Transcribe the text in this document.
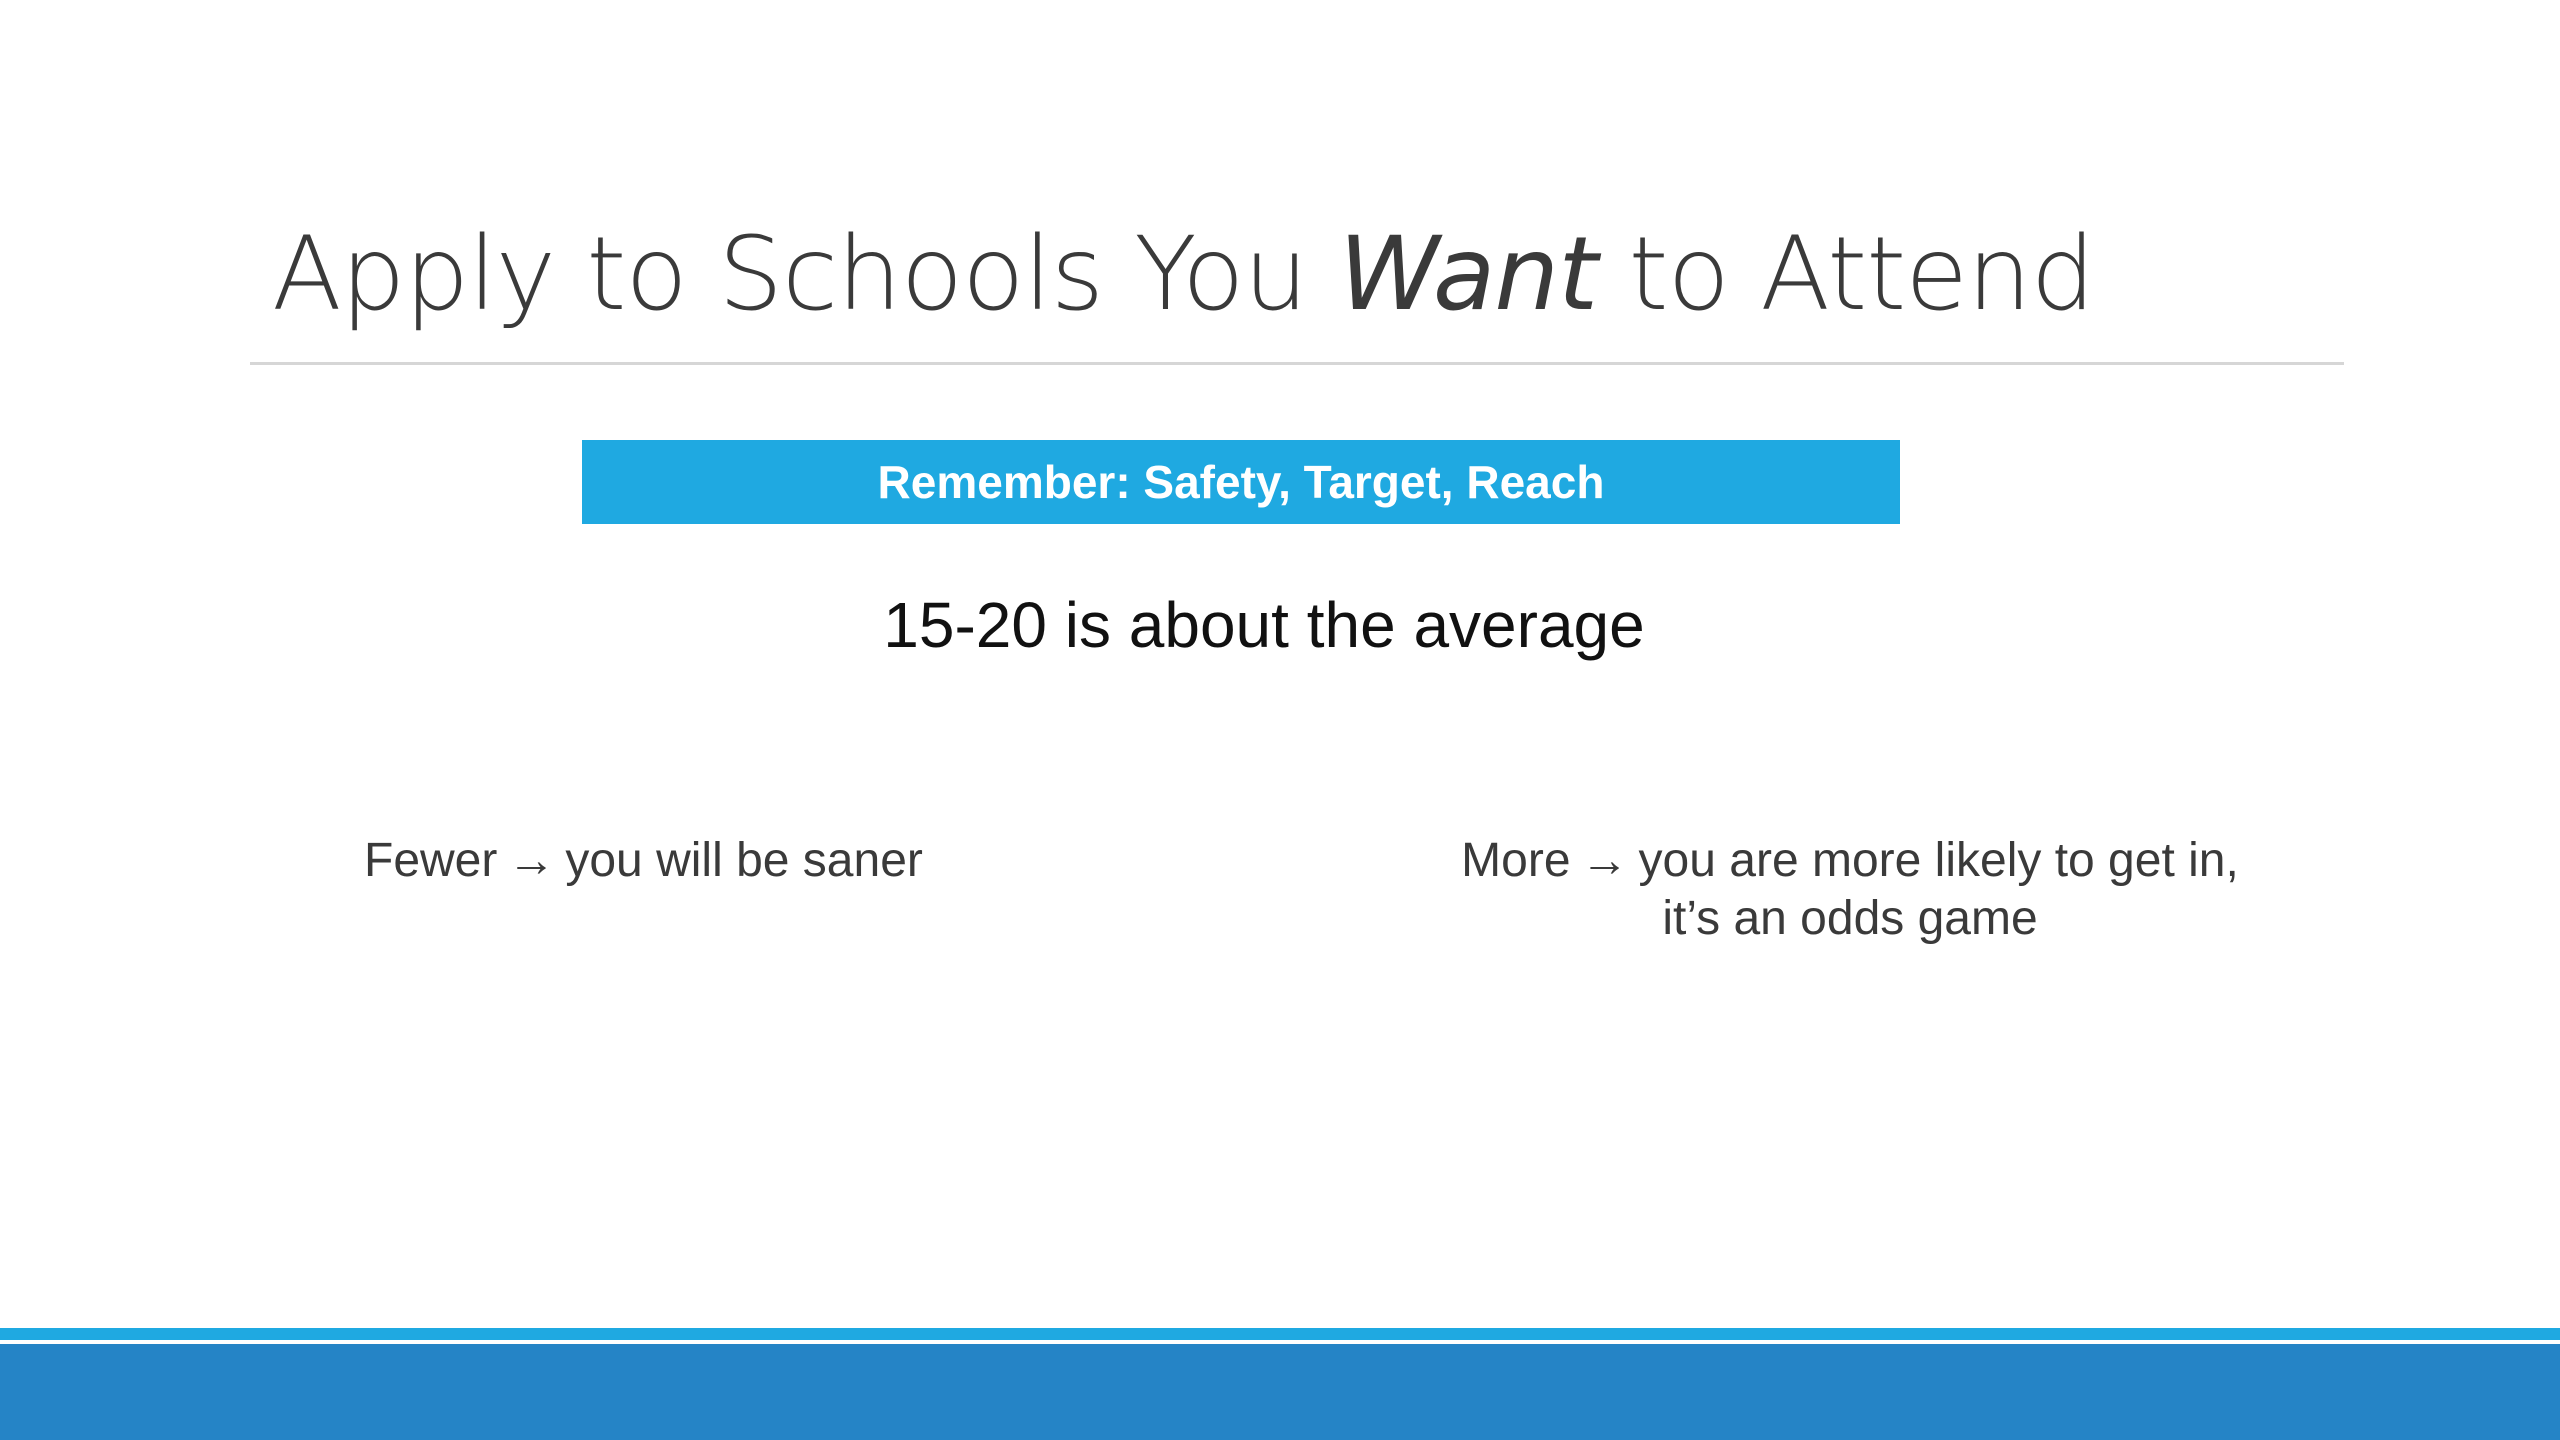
Apply to Schools You Want to Attend
Remember: Safety, Target, Reach
15-20 is about the average
Fewer → you will be saner	More → you are more likely to get in,
it’s an odds game
